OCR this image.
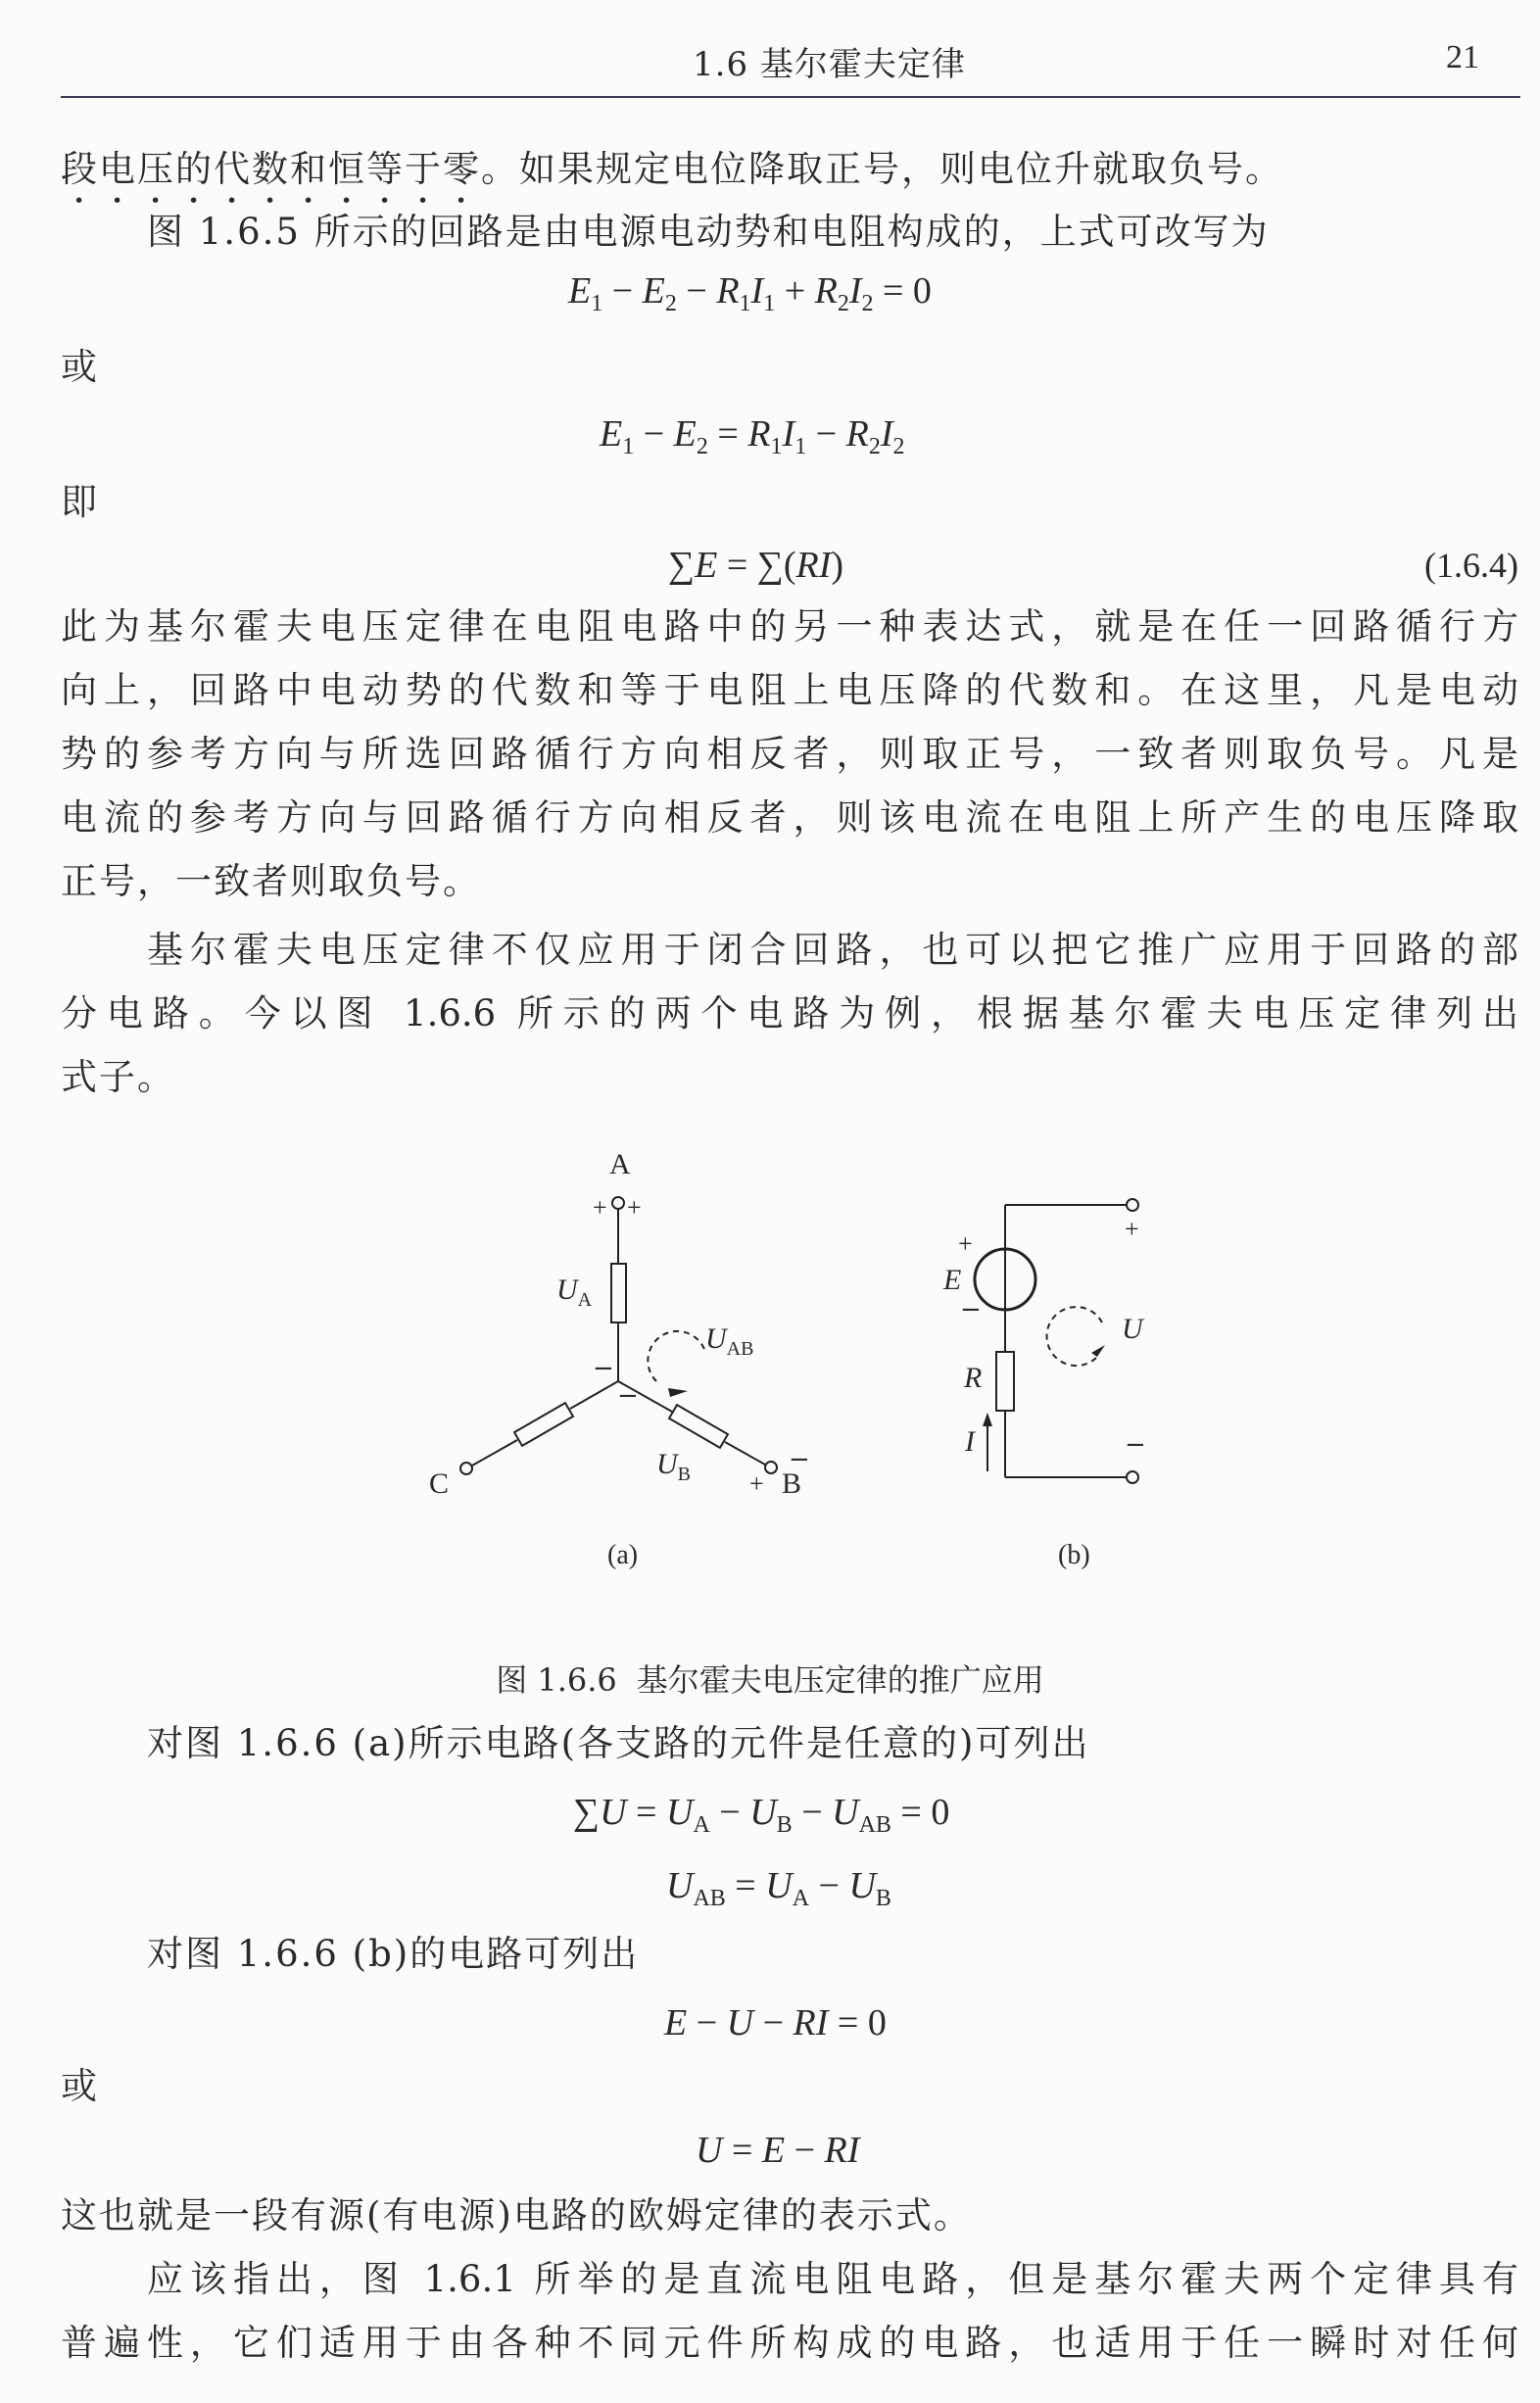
1.6 基尔霍夫定律	21
段电压的代数和恒等于零。如果规定电位降取正号，则电位升就取负号。
图 1.6.5 所示的回路是由电源电动势和电阻构成的，上式可改写为
$E_1 - E_2 - R_1I_1 + R_2I_2 = 0$
或
$E_1 - E_2 = R_1I_1 - R_2I_2$
即
∑E = ∑(RI)	(1.6.4)
此为基尔霍夫电压定律在电阻电路中的另一种表达式，就是在任一回路循行方
向上，回路中电动势的代数和等于电阻上电压降的代数和。在这里，凡是电动
势的参考方向与所选回路循行方向相反者，则取正号，一致者则取负号。凡是
电流的参考方向与回路循行方向相反者，则该电流在电阻上所产生的电压降取
正号，一致者则取负号。
基尔霍夫电压定律不仅应用于闭合回路，也可以把它推广应用于回路的部
分电路。今以图 1.6.6 所示的两个电路为例，根据基尔霍夫电压定律列出
式子。
A
+ +
$U_A$
$U_{AB}$
−
−
$U_B$	−
+ B
C
(a)
+
+
E
−
U
R
I	−
(b)
图 1.6.6 基尔霍夫电压定律的推广应用
对图 1.6.6 (a)所示电路(各支路的元件是任意的)可列出
$\sum U = U_A - U_B - U_{AB} = 0$
$U_{AB} = U_A - U_B$
对图 1.6.6 (b)的电路可列出
E − U − RI = 0
或
U = E − RI
这也就是一段有源(有电源)电路的欧姆定律的表示式。
应该指出，图 1.6.1 所举的是直流电阻电路，但是基尔霍夫两个定律具有
普遍性，它们适用于由各种不同元件所构成的电路，也适用于任一瞬时对任何
